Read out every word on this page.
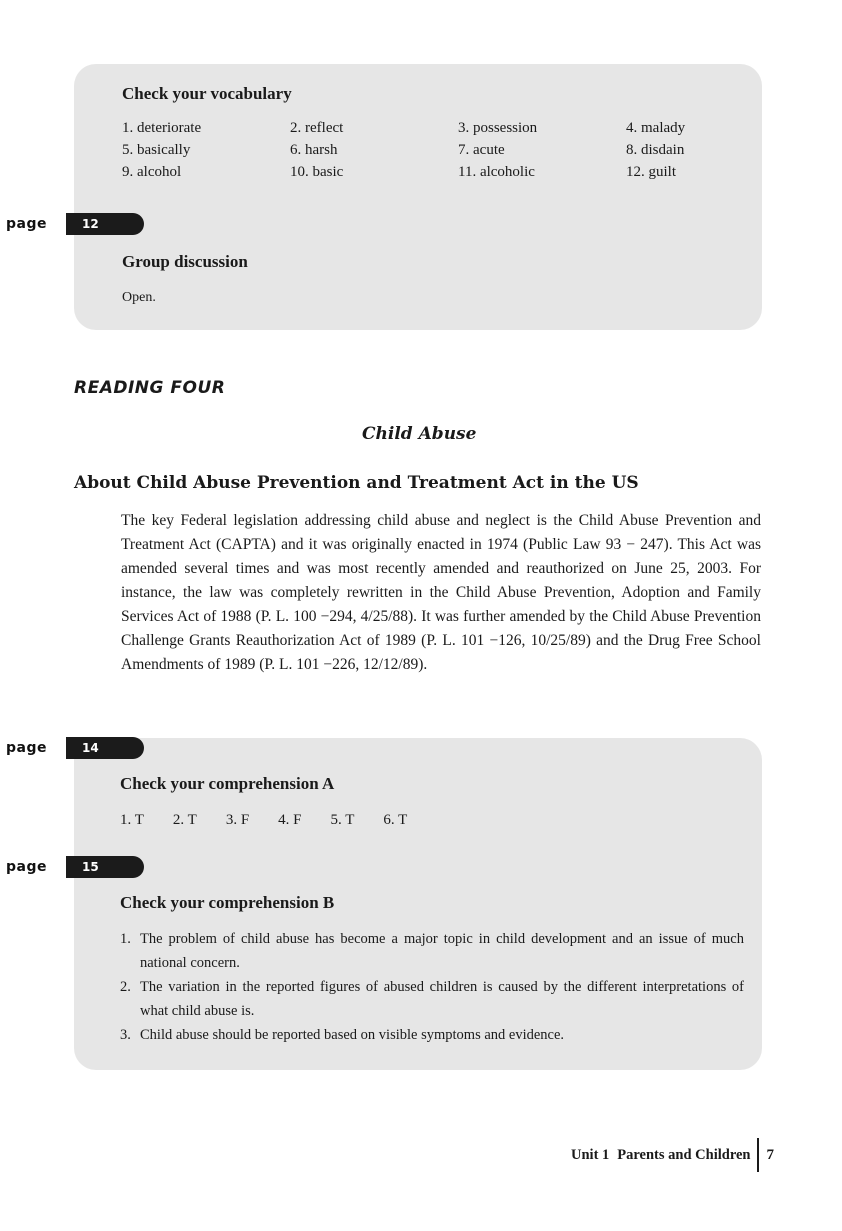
Check your vocabulary
1. deteriorate	2. reflect	3. possession	4. malady
5. basically	6. harsh	7. acute	8. disdain
9. alcohol	10. basic	11. alcoholic	12. guilt
page	12
Group discussion
Open.
READING FOUR
Child Abuse
About Child Abuse Prevention and Treatment Act in the US

The key Federal legislation addressing child abuse and neglect is the Child Abuse Prevention and Treatment Act (CAPTA) and it was originally enacted in 1974 (Public Law 93 − 247). This Act was amended several times and was most recently amended and reauthorized on June 25, 2003. For instance, the law was completely rewritten in the Child Abuse Prevention, Adoption and Family Services Act of 1988 (P. L. 100 −294, 4/25/88). It was further amended by the Child Abuse Prevention Challenge Grants Reauthorization Act of 1989 (P. L. 101 −126, 10/25/89) and the Drug Free School Amendments of 1989 (P. L. 101 −226, 12/12/89).

page	14
Check your comprehension A
1. T 2. T 3. F 4. F 5. T 6. T
page	15
Check your comprehension B
1. The problem of child abuse has become a major topic in child development and an issue of much national concern.
2. The variation in the reported figures of abused children is caused by the different interpretations of what child abuse is.
3. Child abuse should be reported based on visible symptoms and evidence.
Unit 1 Parents and Children 7
